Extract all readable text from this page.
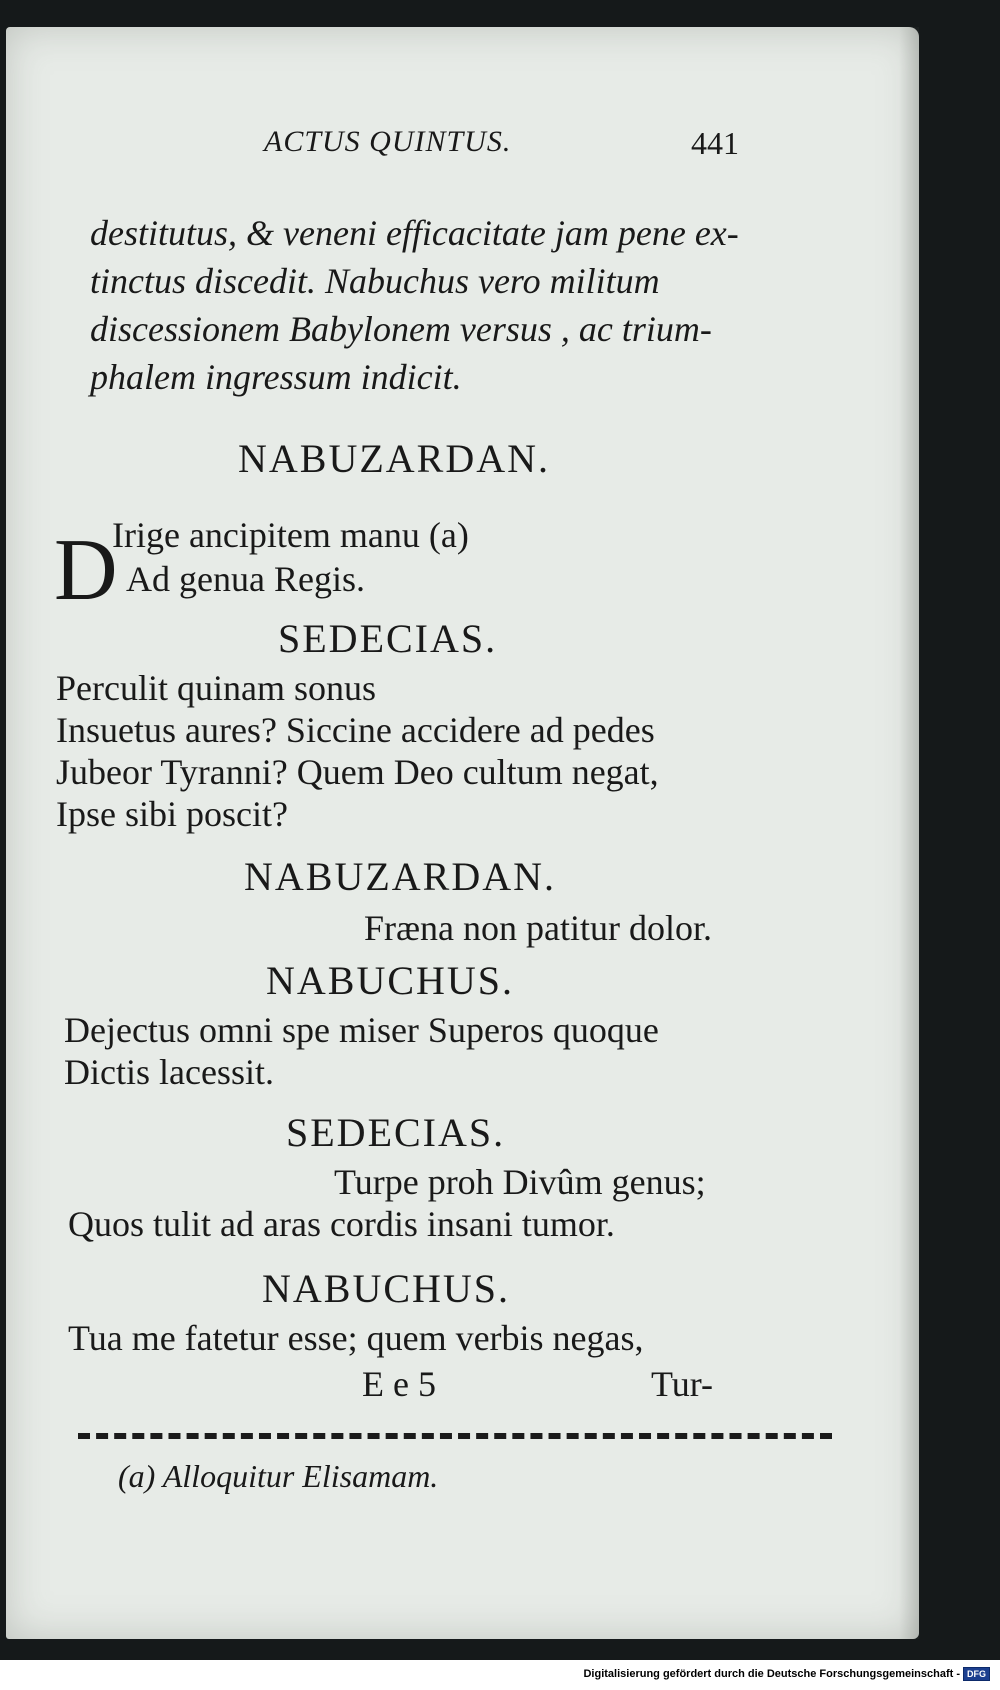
ACTUS QUINTUS.	441

destitutus, & veneni efficacitate jam pene ex-

tinctus discedit. Nabuchus vero militum

discessionem Babylonem versus , ac trium-

phalem ingressum indicit.

NABUZARDAN.

D

Irige ancipitem manu (a)

Ad genua Regis.

SEDECIAS.

Perculit quinam sonus

Insuetus aures? Siccine accidere ad pedes

Jubeor Tyranni? Quem Deo cultum negat,

Ipse sibi poscit?

NABUZARDAN.

Fræna non patitur dolor.

NABUCHUS.

Dejectus omni spe miser Superos quoque

Dictis lacessit.

SEDECIAS.

Turpe proh Divûm genus;

Quos tulit ad aras cordis insani tumor.

NABUCHUS.

Tua me fatetur esse; quem verbis negas,

E e 5	Tur-

(a) Alloquitur Elisamam.

Digitalisierung gefördert durch die Deutsche Forschungsgemeinschaft - DFG
